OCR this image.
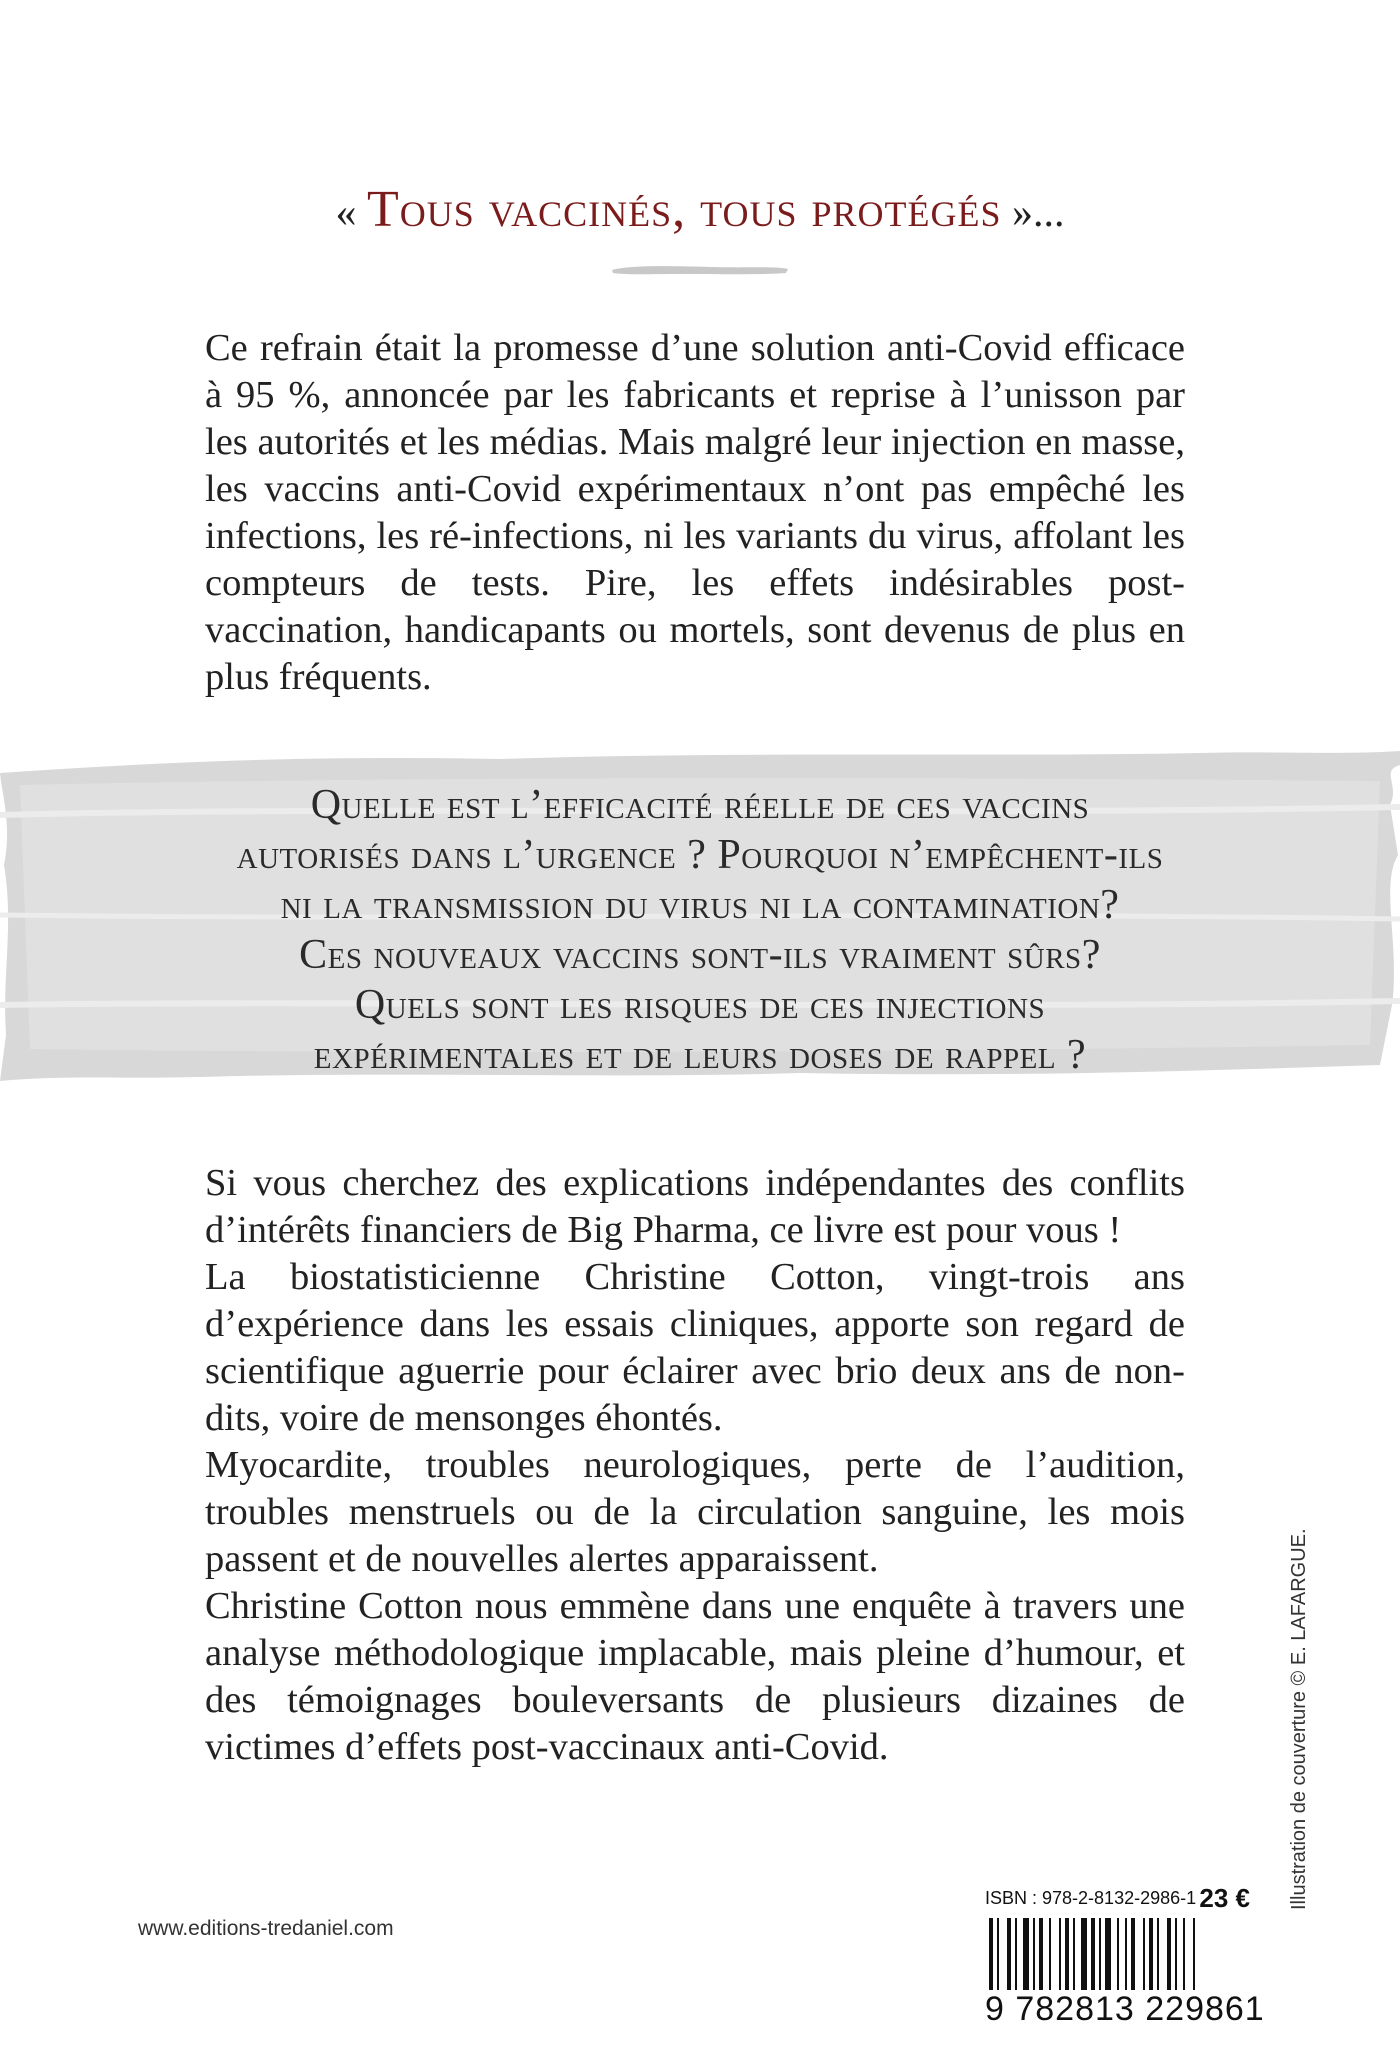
« Tous vaccinés, tous protégés »...

Ce refrain était la promesse d’une solution anti-Covid efficace à 95 %, annoncée par les fabricants et reprise à l’unisson par les autorités et les médias. Mais malgré leur injection en masse, les vaccins anti-Covid expérimentaux n’ont pas empêché les infections, les ré-infections, ni les variants du virus, affolant les compteurs de tests. Pire, les effets indésirables post-vaccination, handicapants ou mortels, sont devenus de plus en plus fréquents.

Quelle est l’efficacité réelle de ces vaccins
autorisés dans l’urgence ? Pourquoi n’empêchent-ils
ni la transmission du virus ni la contamination?
Ces nouveaux vaccins sont-ils vraiment sûrs?
Quels sont les risques de ces injections
expérimentales et de leurs doses de rappel ?

Si vous cherchez des explications indépendantes des conflits d’intérêts financiers de Big Pharma, ce livre est pour vous !

La biostatisticienne Christine Cotton, vingt-trois ans d’expérience dans les essais cliniques, apporte son regard de scientifique aguerrie pour éclairer avec brio deux ans de non-dits, voire de mensonges éhontés.

Myocardite, troubles neurologiques, perte de l’audition, troubles menstruels ou de la circulation sanguine, les mois passent et de nouvelles alertes apparaissent.

Christine Cotton nous emmène dans une enquête à travers une analyse méthodologique implacable, mais pleine d’humour, et des témoignages bouleversants de plusieurs dizaines de victimes d’effets post-vaccinaux anti-Covid.	Illustration de couverture © E. LAFARGUE.
ISBN : 978-2-8132-2986-1 23 €
9 782813 229861
www.editions-tredaniel.com
